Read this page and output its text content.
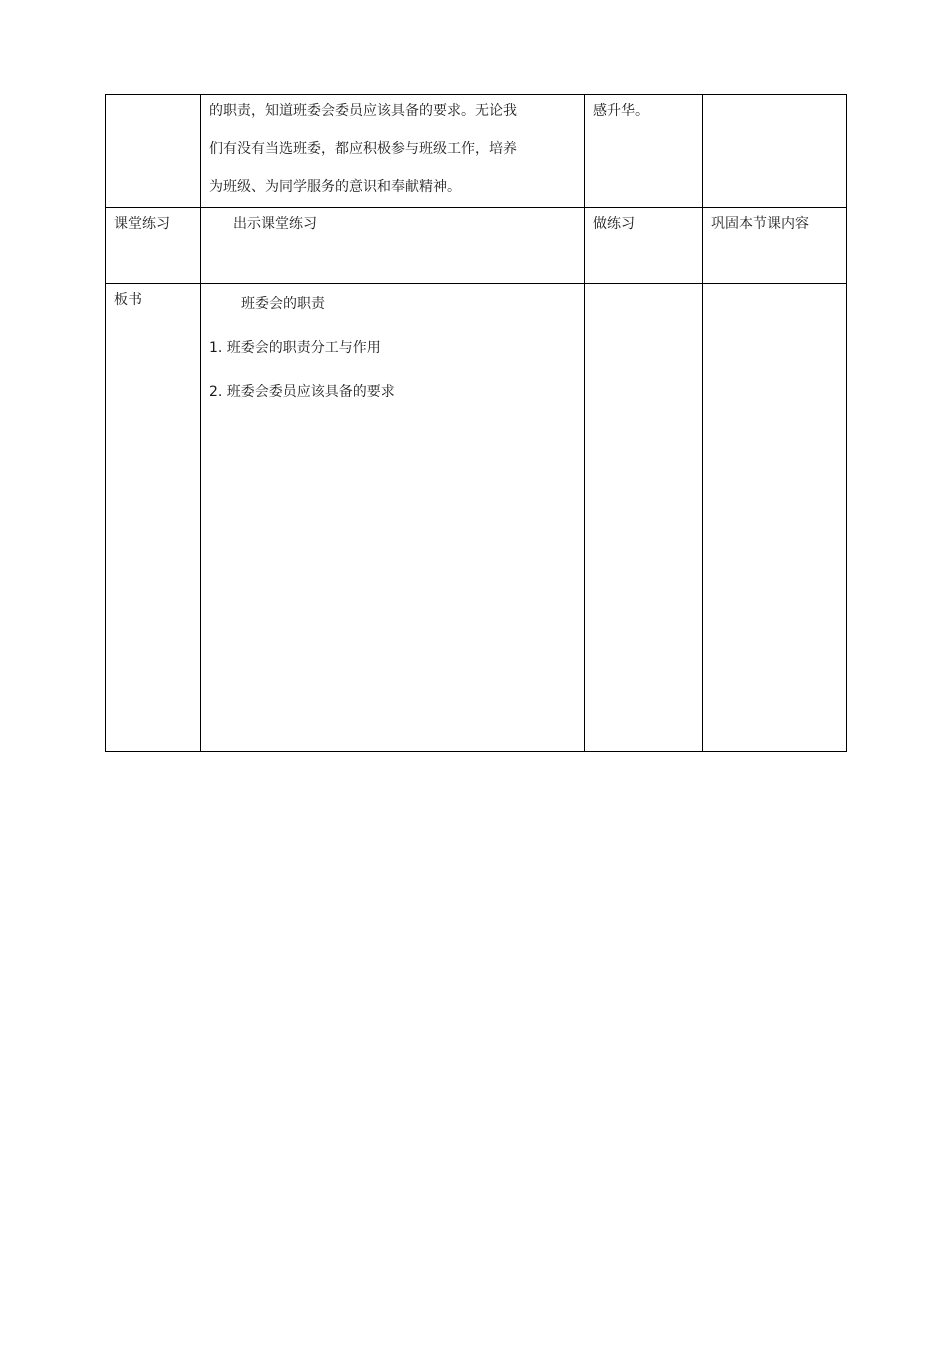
	的职责，知道班委会委员应该具备的要求。无论我
们有没有当选班委，都应积极参与班级工作，培养
为班级、为同学服务的意识和奉献精神。	感升华。	

课堂练习	出示课堂练习	做练习	巩固本节课内容

板书	班委会的职责
1. 班委会的职责分工与作用
2. 班委会委员应该具备的要求		
